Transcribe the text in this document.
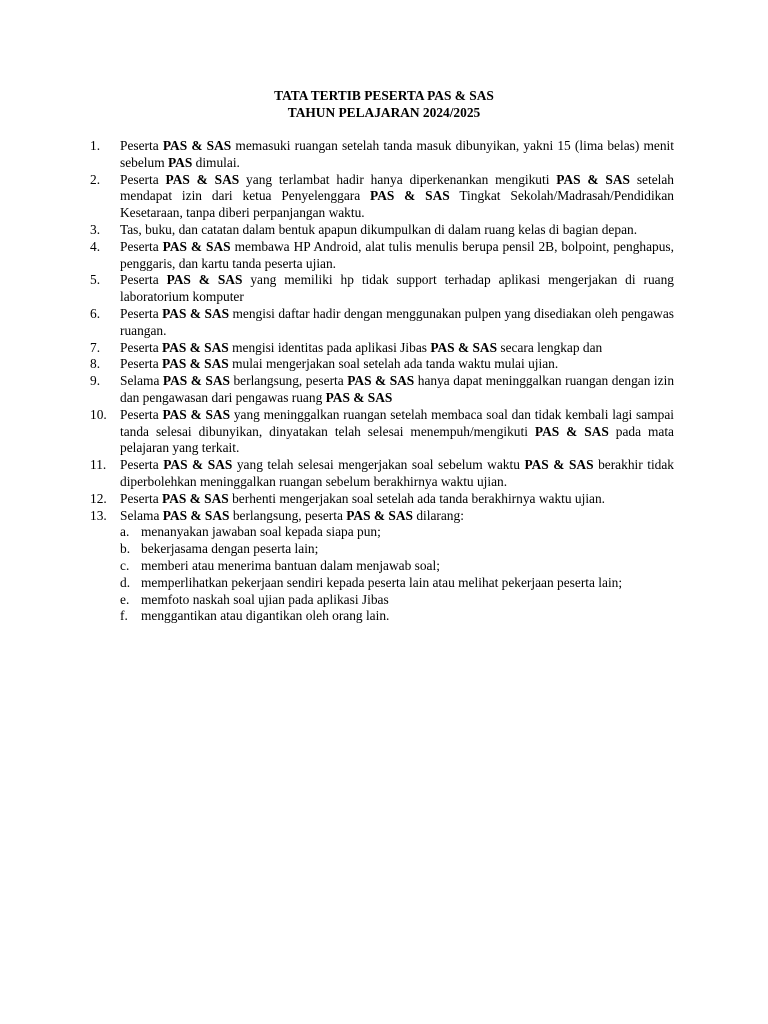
TATA TERTIB PESERTA PAS & SAS

TAHUN PELAJARAN 2024/2025

1.	Peserta PAS & SAS memasuki ruangan setelah tanda masuk dibunyikan, yakni 15 (lima belas) menit sebelum PAS dimulai.
2.	Peserta PAS & SAS yang terlambat hadir hanya diperkenankan mengikuti PAS & SAS setelah mendapat izin dari ketua Penyelenggara PAS & SAS Tingkat Sekolah/Madrasah/Pendidikan Kesetaraan, tanpa diberi perpanjangan waktu.
3.	Tas, buku, dan catatan dalam bentuk apapun dikumpulkan di dalam ruang kelas di bagian depan.
4.	Peserta PAS & SAS membawa HP Android, alat tulis menulis berupa pensil 2B, bolpoint, penghapus, penggaris, dan kartu tanda peserta ujian.
5.	Peserta PAS & SAS yang memiliki hp tidak support terhadap aplikasi mengerjakan di ruang laboratorium komputer
6.	Peserta PAS & SAS mengisi daftar hadir dengan menggunakan pulpen yang disediakan oleh pengawas ruangan.
7.	Peserta PAS & SAS mengisi identitas pada aplikasi Jibas PAS & SAS secara lengkap dan
8.	Peserta PAS & SAS mulai mengerjakan soal setelah ada tanda waktu mulai ujian.
9.	Selama PAS & SAS berlangsung, peserta PAS & SAS hanya dapat meninggalkan ruangan dengan izin dan pengawasan dari pengawas ruang PAS & SAS
10. Peserta PAS & SAS yang meninggalkan ruangan setelah membaca soal dan tidak kembali lagi sampai tanda selesai dibunyikan, dinyatakan telah selesai menempuh/mengikuti PAS & SAS pada mata pelajaran yang terkait.
11.	Peserta PAS & SAS yang telah selesai mengerjakan soal sebelum waktu PAS & SAS berakhir tidak diperbolehkan meninggalkan ruangan sebelum berakhirnya waktu ujian.
12. Peserta PAS & SAS berhenti mengerjakan soal setelah ada tanda berakhirnya waktu ujian.
13. Selama PAS & SAS berlangsung, peserta PAS & SAS dilarang:
a. menanyakan jawaban soal kepada siapa pun;
b. bekerjasama dengan peserta lain;
c. memberi atau menerima bantuan dalam menjawab soal;
d. memperlihatkan pekerjaan sendiri kepada peserta lain atau melihat pekerjaan peserta lain;
e. memfoto naskah soal ujian pada aplikasi Jibas
f. menggantikan atau digantikan oleh orang lain.
